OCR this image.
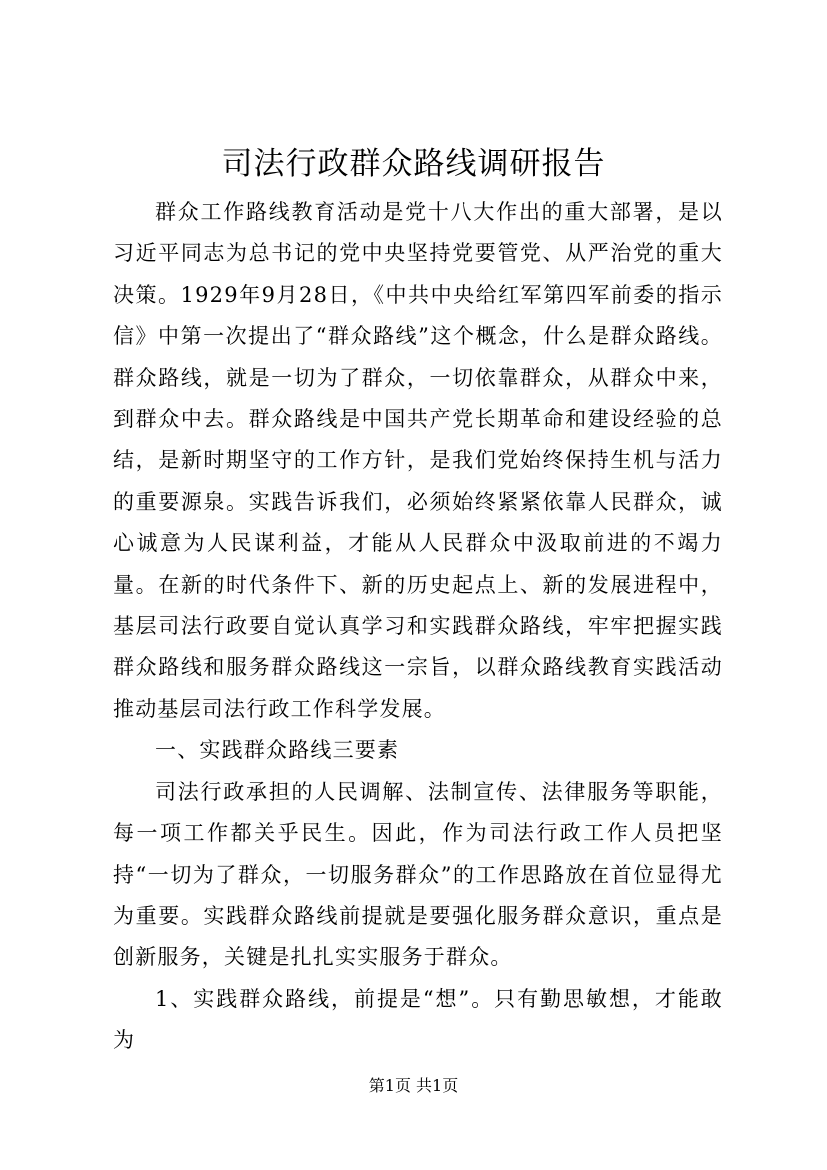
司法行政群众路线调研报告

群众工作路线教育活动是党十八大作出的重大部署，是以习近平同志为总书记的党中央坚持党要管党、从严治党的重大决策。1929年9月28日，《中共中央给红军第四军前委的指示信》中第一次提出了“群众路线”这个概念，什么是群众路线。群众路线，就是一切为了群众，一切依靠群众，从群众中来，到群众中去。群众路线是中国共产党长期革命和建设经验的总结，是新时期坚守的工作方针，是我们党始终保持生机与活力的重要源泉。实践告诉我们，必须始终紧紧依靠人民群众，诚心诚意为人民谋利益，才能从人民群众中汲取前进的不竭力量。在新的时代条件下、新的历史起点上、新的发展进程中，基层司法行政要自觉认真学习和实践群众路线，牢牢把握实践群众路线和服务群众路线这一宗旨，以群众路线教育实践活动推动基层司法行政工作科学发展。

一、实践群众路线三要素

司法行政承担的人民调解、法制宣传、法律服务等职能，每一项工作都关乎民生。因此，作为司法行政工作人员把坚持“一切为了群众，一切服务群众”的工作思路放在首位显得尤为重要。实践群众路线前提就是要强化服务群众意识，重点是创新服务，关键是扎扎实实服务于群众。

1、实践群众路线，前提是“想”。只有勤思敏想，才能敢为

第1页 共1页
